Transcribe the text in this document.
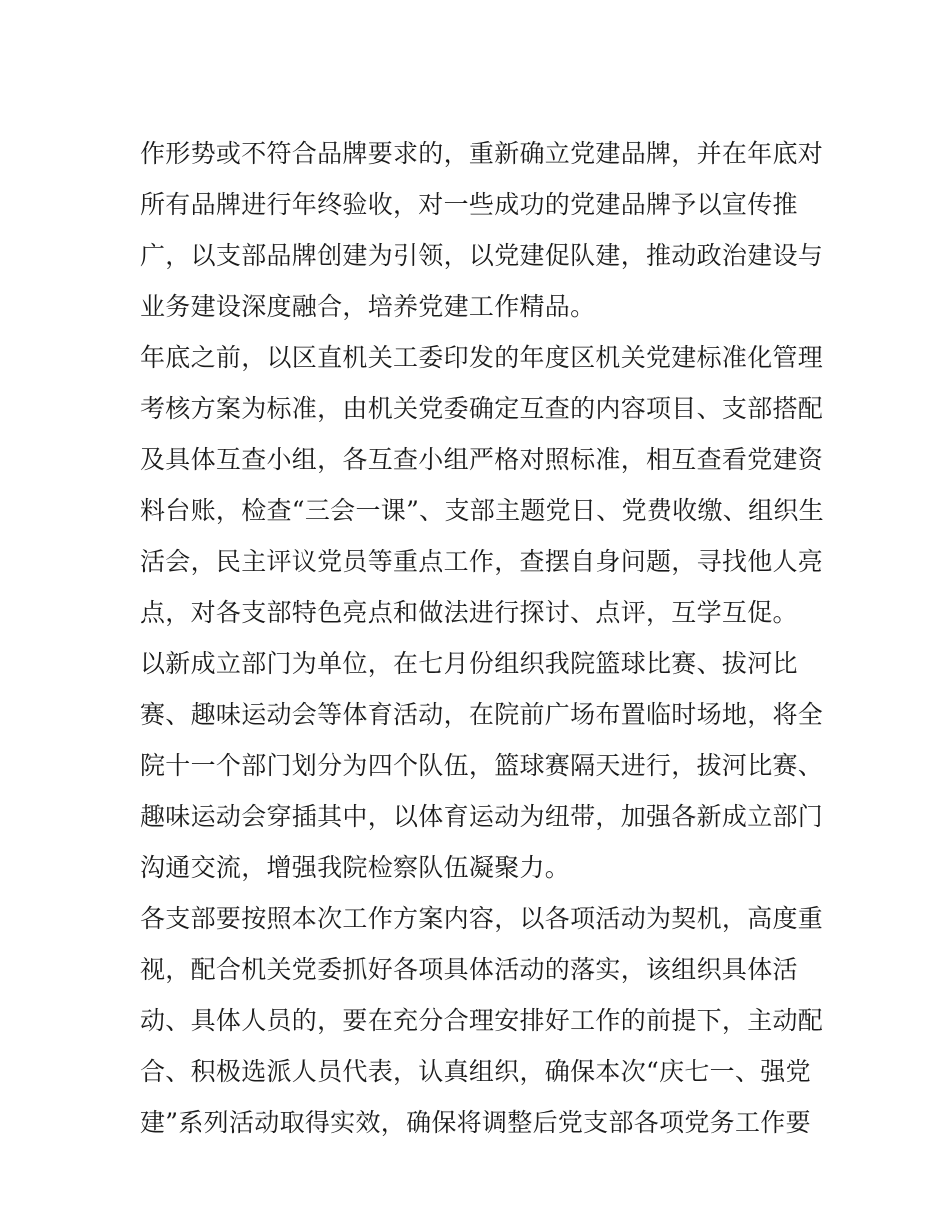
作形势或不符合品牌要求的，重新确立党建品牌，并在年底对
所有品牌进行年终验收，对一些成功的党建品牌予以宣传推
广，以支部品牌创建为引领，以党建促队建，推动政治建设与
业务建设深度融合，培养党建工作精品。
年底之前，以区直机关工委印发的年度区机关党建标准化管理
考核方案为标准，由机关党委确定互查的内容项目、支部搭配
及具体互查小组，各互查小组严格对照标准，相互查看党建资
料台账，检查“三会一课”、支部主题党日、党费收缴、组织生
活会，民主评议党员等重点工作，查摆自身问题，寻找他人亮
点，对各支部特色亮点和做法进行探讨、点评，互学互促。
以新成立部门为单位，在七月份组织我院篮球比赛、拔河比
赛、趣味运动会等体育活动，在院前广场布置临时场地，将全
院十一个部门划分为四个队伍，篮球赛隔天进行，拔河比赛、
趣味运动会穿插其中，以体育运动为纽带，加强各新成立部门
沟通交流，增强我院检察队伍凝聚力。
各支部要按照本次工作方案内容，以各项活动为契机，高度重
视，配合机关党委抓好各项具体活动的落实，该组织具体活
动、具体人员的，要在充分合理安排好工作的前提下，主动配
合、积极选派人员代表，认真组织，确保本次“庆七一、强党
建”系列活动取得实效，确保将调整后党支部各项党务工作要
